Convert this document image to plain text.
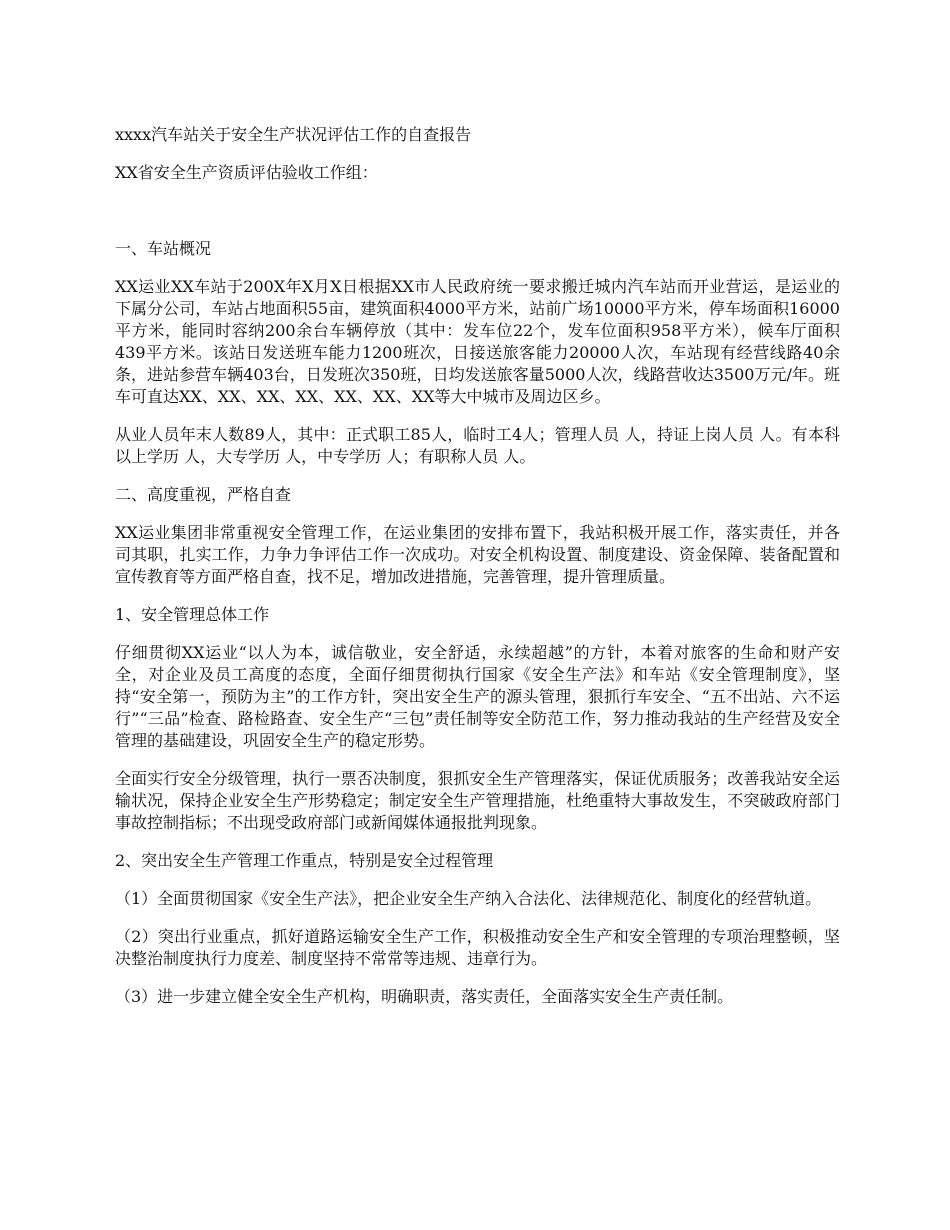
xxxx汽车站关于安全生产状况评估工作的自查报告

XX省安全生产资质评估验收工作组：

一、车站概况

XX运业XX车站于200X年X月X日根据XX市人民政府统一要求搬迁城内汽车站而开业营运，是运业的下属分公司，车站占地面积55亩，建筑面积4000平方米，站前广场10000平方米，停车场面积16000平方米，能同时容纳200余台车辆停放（其中：发车位22个，发车位面积958平方米），候车厅面积439平方米。该站日发送班车能力1200班次，日接送旅客能力20000人次，车站现有经营线路40余条，进站参营车辆403台，日发班次350班，日均发送旅客量5000人次，线路营收达3500万元/年。班车可直达XX、XX、XX、XX、XX、XX、XX等大中城市及周边区乡。

从业人员年末人数89人，其中：正式职工85人，临时工4人；管理人员 人，持证上岗人员 人。有本科以上学历 人，大专学历 人，中专学历 人；有职称人员 人。

二、高度重视，严格自查

XX运业集团非常重视安全管理工作，在运业集团的安排布置下，我站积极开展工作，落实责任，并各司其职，扎实工作，力争力争评估工作一次成功。对安全机构设置、制度建设、资金保障、装备配置和宣传教育等方面严格自查，找不足，增加改进措施，完善管理，提升管理质量。

1、安全管理总体工作

仔细贯彻XX运业“以人为本，诚信敬业，安全舒适，永续超越”的方针，本着对旅客的生命和财产安全，对企业及员工高度的态度，全面仔细贯彻执行国家《安全生产法》和车站《安全管理制度》，坚持“安全第一，预防为主”的工作方针，突出安全生产的源头管理，狠抓行车安全、“五不出站、六不运行”“三品”检查、路检路查、安全生产“三包”责任制等安全防范工作，努力推动我站的生产经营及安全管理的基础建设，巩固安全生产的稳定形势。

全面实行安全分级管理，执行一票否决制度，狠抓安全生产管理落实，保证优质服务；改善我站安全运输状况，保持企业安全生产形势稳定；制定安全生产管理措施，杜绝重特大事故发生，不突破政府部门事故控制指标；不出现受政府部门或新闻媒体通报批判现象。

2、突出安全生产管理工作重点，特别是安全过程管理

（1）全面贯彻国家《安全生产法》，把企业安全生产纳入合法化、法律规范化、制度化的经营轨道。

（2）突出行业重点，抓好道路运输安全生产工作，积极推动安全生产和安全管理的专项治理整顿，坚决整治制度执行力度差、制度坚持不常常等违规、违章行为。

（3）进一步建立健全安全生产机构，明确职责，落实责任，全面落实安全生产责任制。
